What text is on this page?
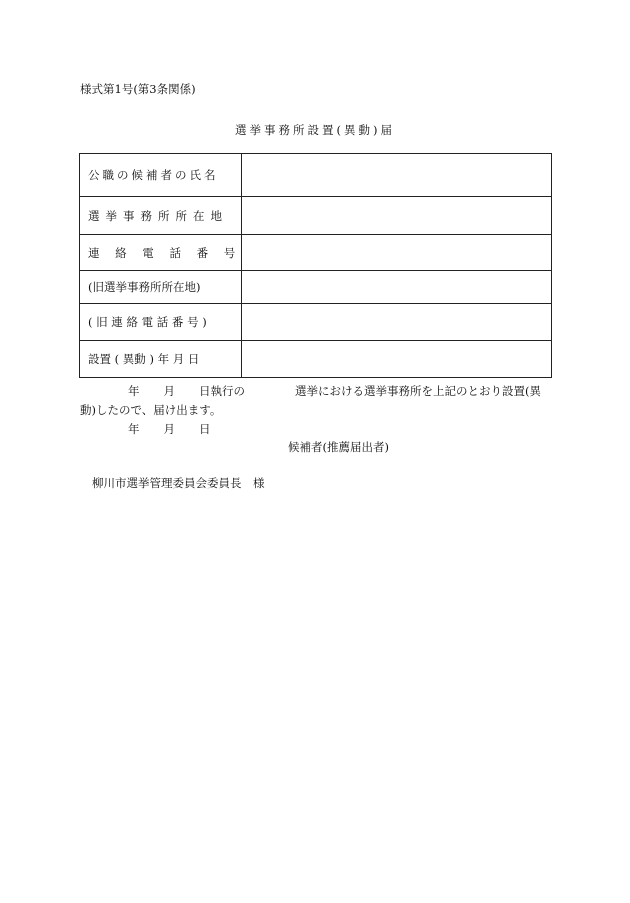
様式第1号(第3条関係)
選挙事務所設置(異動)届
公職の候補者の氏名	
選挙事務所所在地	
連 絡 電 話 番 号	
(旧選挙事務所所在地)	
( 旧 連 絡 電 話 番 号 )	
設置 ( 異動 ) 年 月 日	
年 月 日執行の	選挙における選挙事務所を上記のとおり設置(異
動)したので、届け出ます。
年 月 日
候補者(推薦届出者)
柳川市選挙管理委員会委員長　様
